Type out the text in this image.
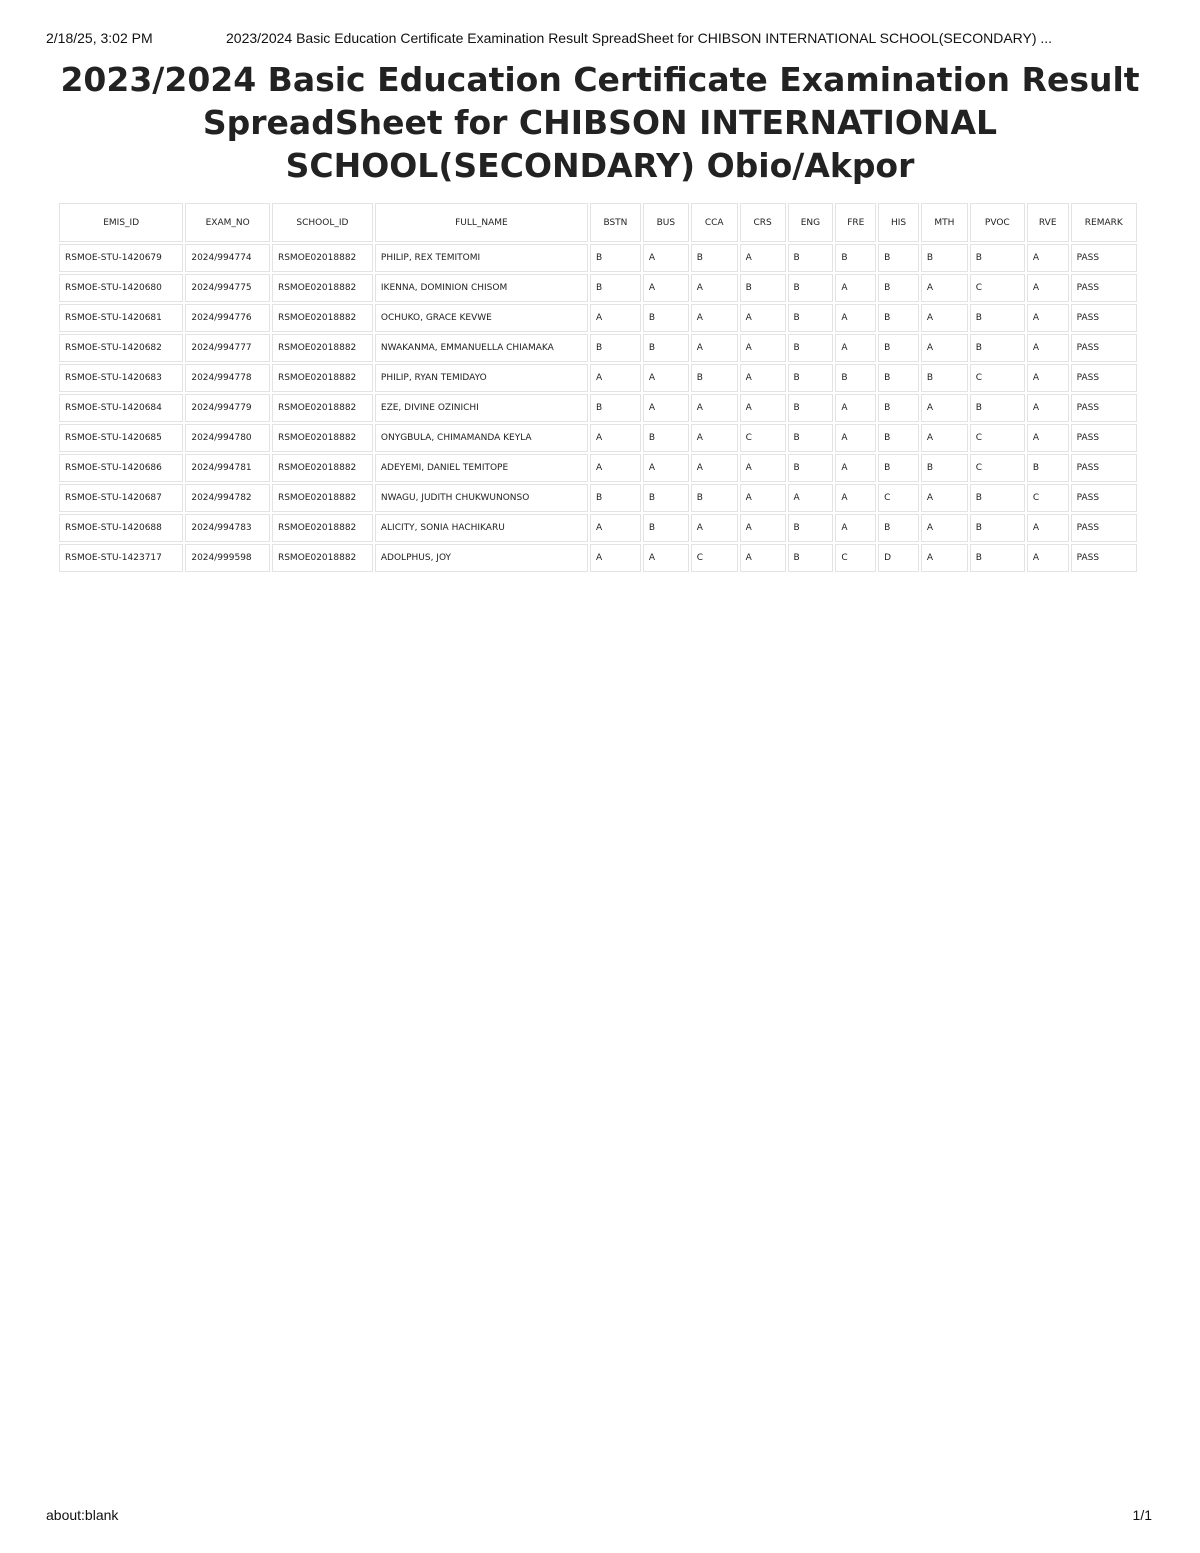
2/18/25, 3:02 PM	2023/2024 Basic Education Certificate Examination Result SpreadSheet for CHIBSON INTERNATIONAL SCHOOL(SECONDARY) ...
2023/2024 Basic Education Certificate Examination Result
SpreadSheet for CHIBSON INTERNATIONAL
SCHOOL(SECONDARY) Obio/Akpor
EMIS_ID	EXAM_NO	SCHOOL_ID	FULL_NAME	BSTN	BUS	CCA	CRS	ENG	FRE	HIS	MTH	PVOC	RVE	REMARK
RSMOE-STU-1420679	2024/994774	RSMOE02018882	PHILIP, REX TEMITOMI	B	A	B	A	B	B	B	B	B	A	PASS
RSMOE-STU-1420680	2024/994775	RSMOE02018882	IKENNA, DOMINION CHISOM	B	A	A	B	B	A	B	A	C	A	PASS
RSMOE-STU-1420681	2024/994776	RSMOE02018882	OCHUKO, GRACE KEVWE	A	B	A	A	B	A	B	A	B	A	PASS
RSMOE-STU-1420682	2024/994777	RSMOE02018882	NWAKANMA, EMMANUELLA CHIAMAKA	B	B	A	A	B	A	B	A	B	A	PASS
RSMOE-STU-1420683	2024/994778	RSMOE02018882	PHILIP, RYAN TEMIDAYO	A	A	B	A	B	B	B	B	C	A	PASS
RSMOE-STU-1420684	2024/994779	RSMOE02018882	EZE, DIVINE OZINICHI	B	A	A	A	B	A	B	A	B	A	PASS
RSMOE-STU-1420685	2024/994780	RSMOE02018882	ONYGBULA, CHIMAMANDA KEYLA	A	B	A	C	B	A	B	A	C	A	PASS
RSMOE-STU-1420686	2024/994781	RSMOE02018882	ADEYEMI, DANIEL TEMITOPE	A	A	A	A	B	A	B	B	C	B	PASS
RSMOE-STU-1420687	2024/994782	RSMOE02018882	NWAGU, JUDITH CHUKWUNONSO	B	B	B	A	A	A	C	A	B	C	PASS
RSMOE-STU-1420688	2024/994783	RSMOE02018882	ALICITY, SONIA HACHIKARU	A	B	A	A	B	A	B	A	B	A	PASS
RSMOE-STU-1423717	2024/999598	RSMOE02018882	ADOLPHUS, JOY	A	A	C	A	B	C	D	A	B	A	PASS
about:blank	1/1
